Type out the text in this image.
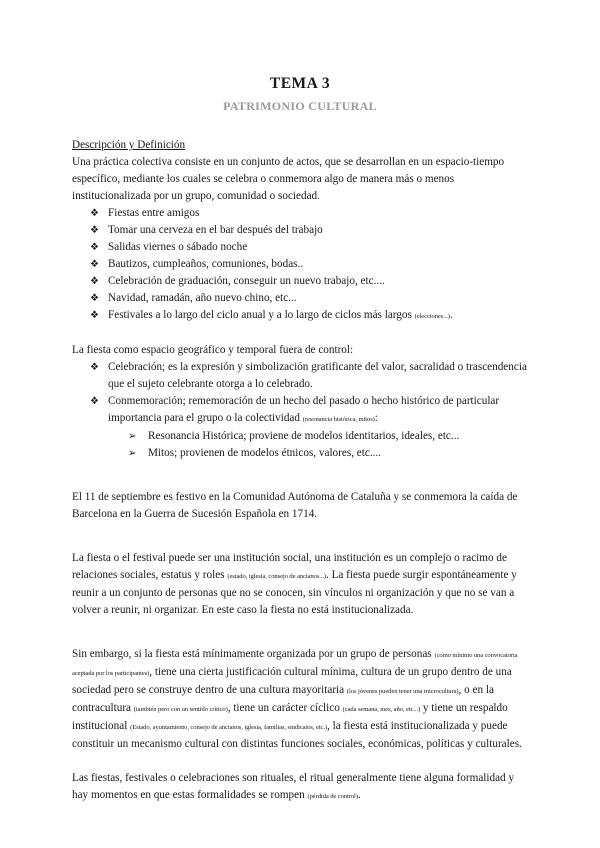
TEMA 3
PATRIMONIO CULTURAL
Descripción y Definición

Una práctica colectiva consiste en un conjunto de actos, que se desarrollan en un espacio-tiempo específico, mediante los cuales se celebra o conmemora algo de manera más o menos institucionalizada por un grupo, comunidad o sociedad.

❖ Fiestas entre amigos
❖ Tomar una cerveza en el bar después del trabajo
❖ Salidas viernes o sábado noche
❖ Bautizos, cumpleaños, comuniones, bodas..
❖ Celebración de graduación, conseguir un nuevo trabajo, etc....
❖ Navidad, ramadán, año nuevo chino, etc...
❖ Festivales a lo largo del ciclo anual y a lo largo de ciclos más largos (elecciones...).

La fiesta como espacio geográfico y temporal fuera de control:

❖ Celebración; es la expresión y simbolización gratificante del valor, sacralidad o trascendencia que el sujeto celebrante otorga a lo celebrado.
❖ Conmemoración; rememoración de un hecho del pasado o hecho histórico de particular importancia para el grupo o la colectividad (resonancia histórica, mitos):
➢ Resonancia Histórica; proviene de modelos identitarios, ideales, etc...
➢ Mitos; provienen de modelos étnicos, valores, etc....

El 11 de septiembre es festivo en la Comunidad Autónoma de Cataluña y se conmemora la caída de Barcelona en la Guerra de Sucesión Española en 1714.

La fiesta o el festival puede ser una institución social, una institución es un complejo o racimo de relaciones sociales, estatus y roles (estado, iglesia, consejo de ancianos...). La fiesta puede surgir espontáneamente y reunir a un conjunto de personas que no se conocen, sin vínculos ni organización y que no se van a volver a reunir, ni organizar. En este caso la fiesta no está institucionalizada.

Sin embargo, si la fiesta está mínimamente organizada por un grupo de personas (como mínimo una convocatoria aceptada por los participantes), tiene una cierta justificación cultural mínima, cultura de un grupo dentro de una sociedad pero se construye dentro de una cultura mayoritaria (los jóvenes pueden tener una microcultura), o en la contracultura (también pero con un sentido crítico), tiene un carácter cíclico (cada semana, mes, año, etc...) y tiene un respaldo institucional (Estado, ayuntamiento, consejo de ancianos, iglesia, familias, sindicatos, etc.), la fiesta está institucionalizada y puede constituir un mecanismo cultural con distintas funciones sociales, económicas, políticas y culturales.

Las fiestas, festivales o celebraciones son rituales, el ritual generalmente tiene alguna formalidad y hay momentos en que estas formalidades se rompen (pérdida de control).
